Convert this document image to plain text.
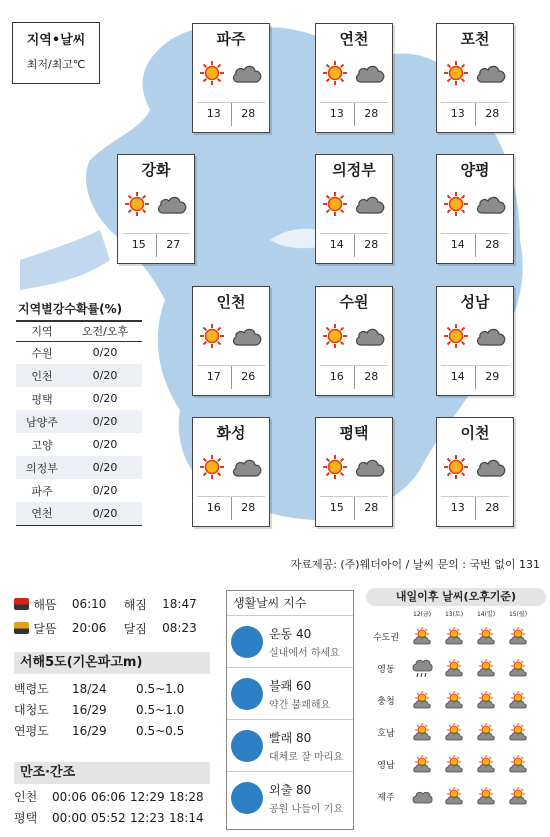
지역•날씨
최저/최고℃
파주
13	28
연천
13	28
포천
13	28
강화
15	27
의정부
14	28
양평
14	28
인천
17	26
수원
16	28
성남
14	29
화성
16	28
평택
15	28
이천
13	28
지역별강수확률(%)
지역	오전/오후
수원	0/20
인천	0/20
평택	0/20
남양주	0/20
고양	0/20
의정부	0/20
파주	0/20
연천	0/20
자료제공: (주)웨더아이 / 날씨 문의 : 국번 없이 131
해뜸	06:10	해짐	18:47
달뜸	20:06	달짐	08:23
서해5도(기온파고m)
백령도	18/24	0.5~1.0
대청도	16/29	0.5~1.0
연평도	16/29	0.5~0.5
만조·간조
인천	00:06 06:06 12:29 18:28
평택	00:00 05:52 12:23 18:14
생활날씨 지수
운동 40
실내에서 하세요
불쾌 60
약간 불쾌해요
빨래 80
대체로 잘 마리요
외출 80
공원 나들이 기요
내일이후 날씨(오후기준)
12(금)	13(토)	14(일)	15(월)
수도권
영동
충청
호남
영남
제주
